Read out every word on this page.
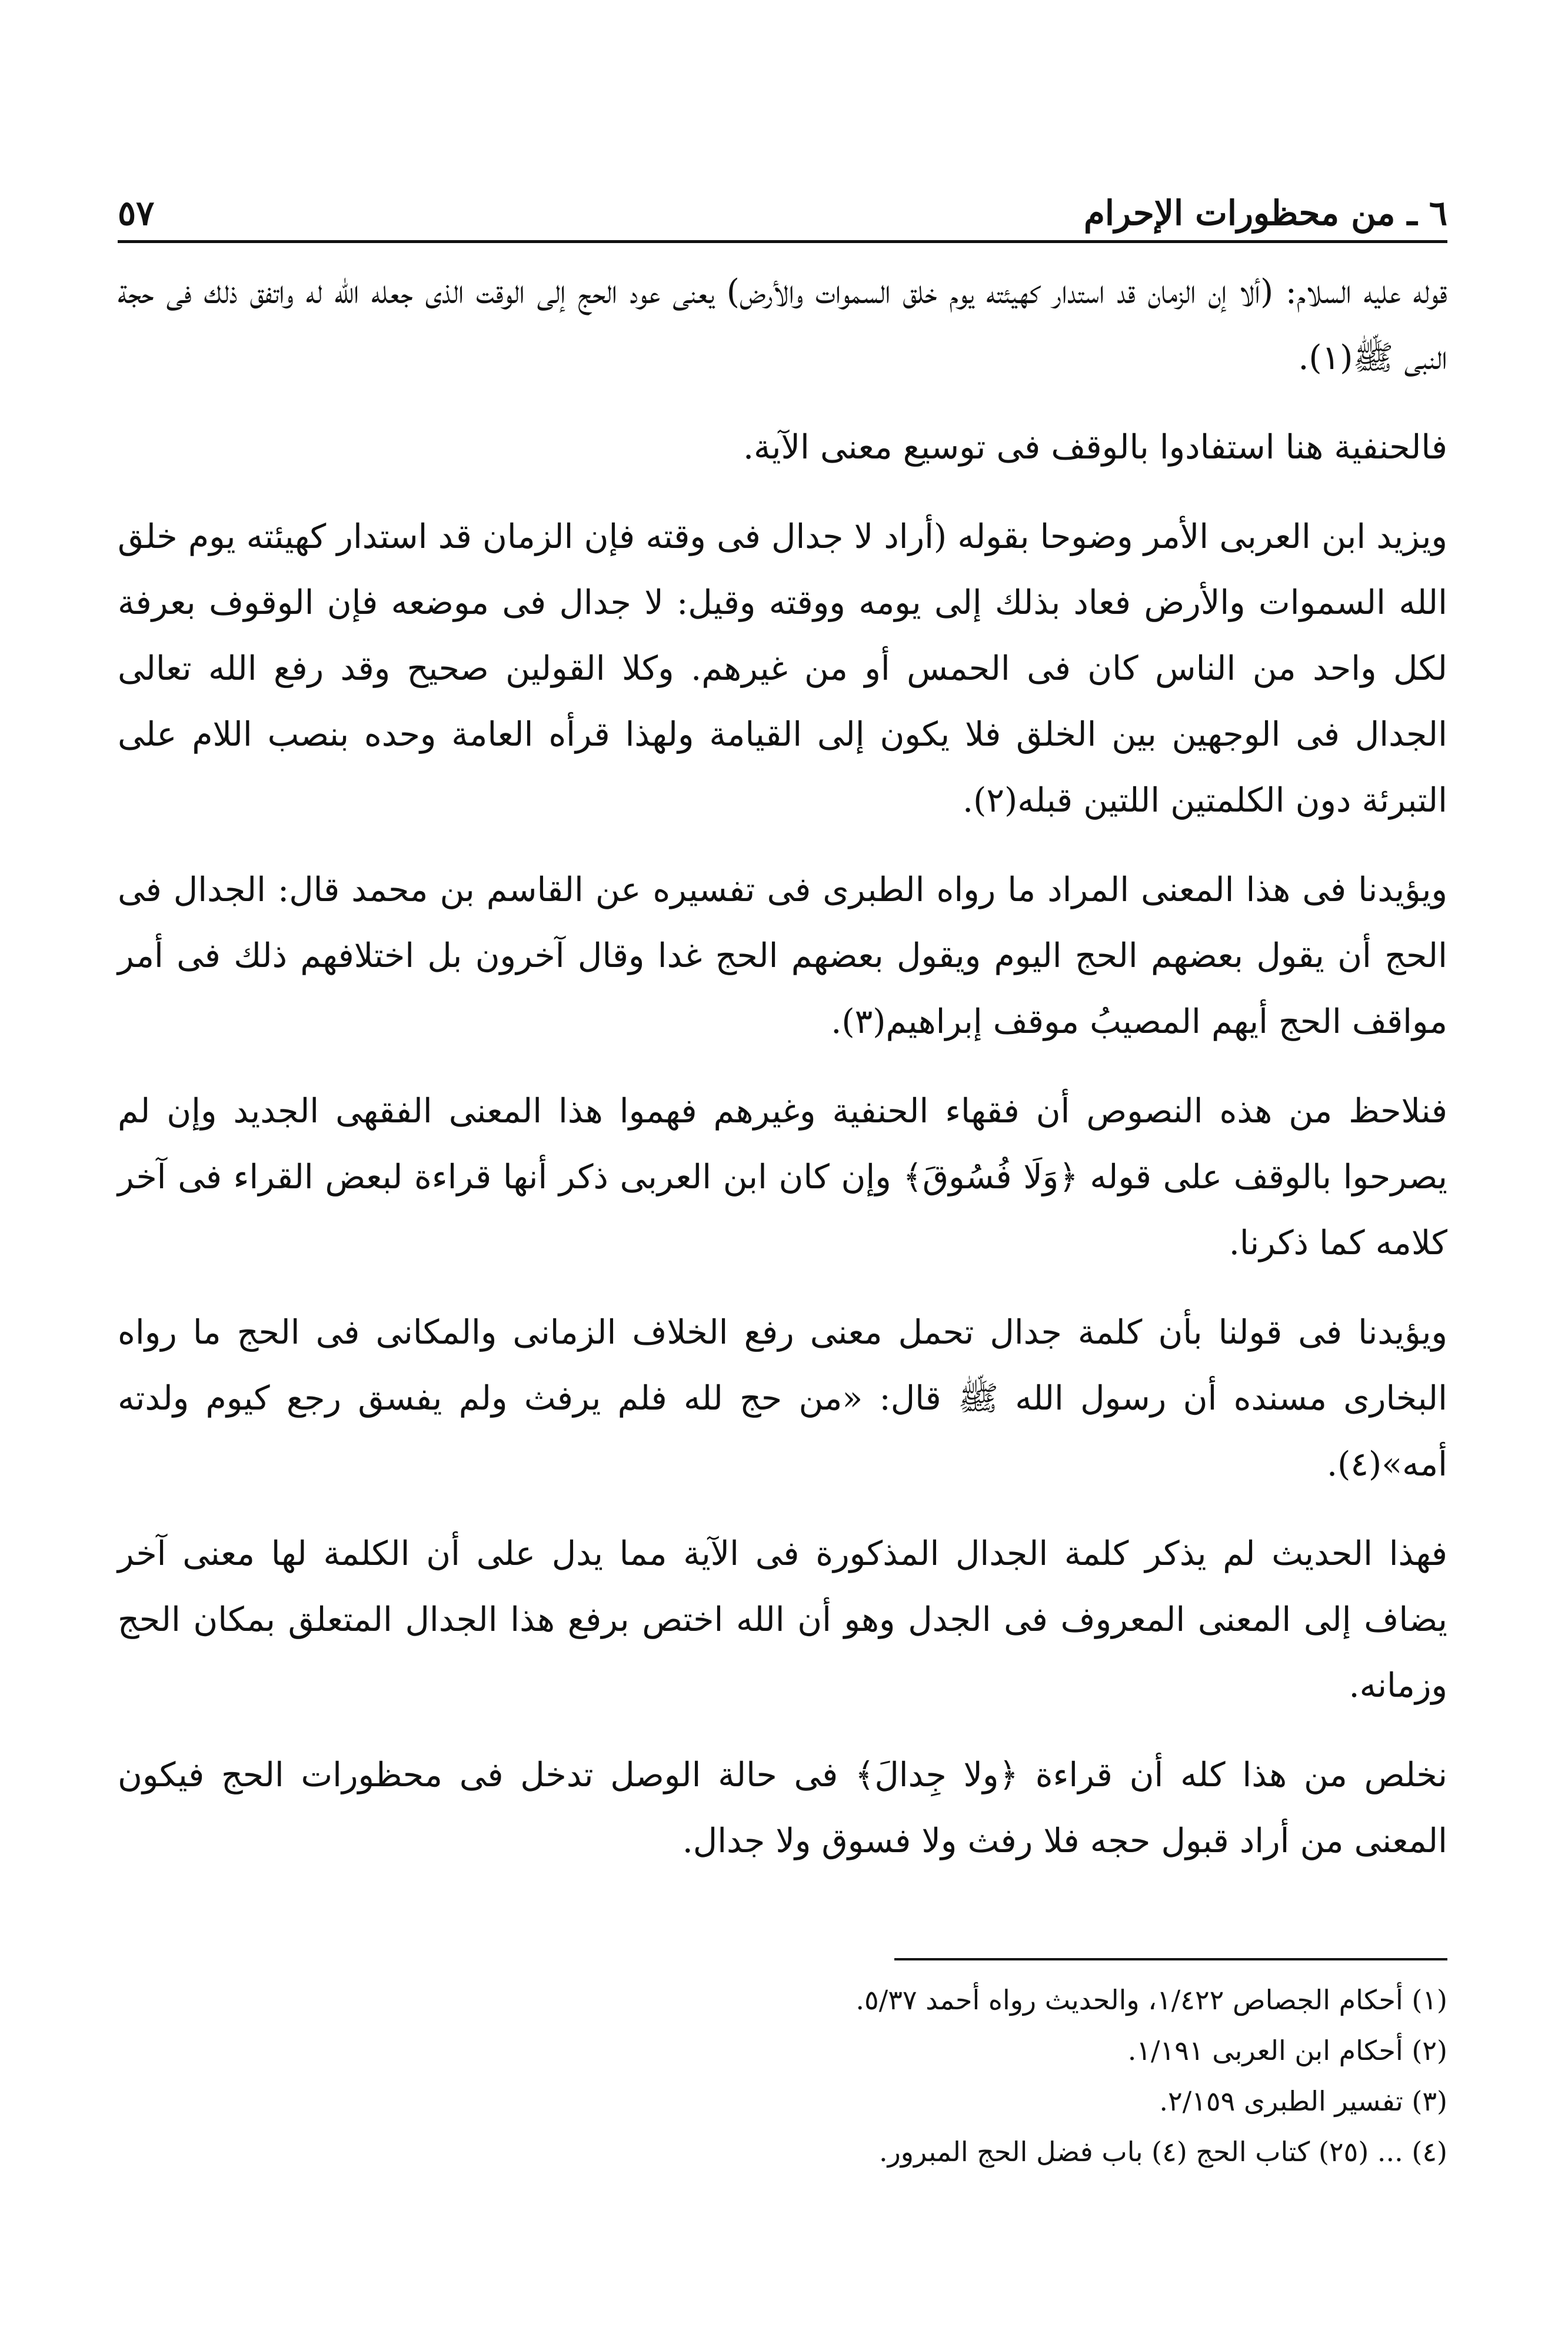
٦ ـ من محظورات الإحرام
٥٧

قوله عليه السلام: (ألا إن الزمان قد استدار كهيئته يوم خلق السموات والأرض) يعنى عود الحج إلى الوقت الذى جعله الله له واتفق ذلك فى حجة النبى ﷺ(١).

فالحنفية هنا استفادوا بالوقف فى توسيع معنى الآية.

ويزيد ابن العربى الأمر وضوحا بقوله (أراد لا جدال فى وقته فإن الزمان قد استدار كهيئته يوم خلق الله السموات والأرض فعاد بذلك إلى يومه ووقته وقيل: لا جدال فى موضعه فإن الوقوف بعرفة لكل واحد من الناس كان فى الحمس أو من غيرهم. وكلا القولين صحيح وقد رفع الله تعالى الجدال فى الوجهين بين الخلق فلا يكون إلى القيامة ولهذا قرأه العامة وحده بنصب اللام على التبرئة دون الكلمتين اللتين قبله(٢).

ويؤيدنا فى هذا المعنى المراد ما رواه الطبرى فى تفسيره عن القاسم بن محمد قال: الجدال فى الحج أن يقول بعضهم الحج اليوم ويقول بعضهم الحج غدا وقال آخرون بل اختلافهم ذلك فى أمر مواقف الحج أيهم المصيبُ موقف إبراهيم(٣).

فنلاحظ من هذه النصوص أن فقهاء الحنفية وغيرهم فهموا هذا المعنى الفقهى الجديد وإن لم يصرحوا بالوقف على قوله ﴿وَلَا فُسُوقَ﴾ وإن كان ابن العربى ذكر أنها قراءة لبعض القراء فى آخر كلامه كما ذكرنا.

ويؤيدنا فى قولنا بأن كلمة جدال تحمل معنى رفع الخلاف الزمانى والمكانى فى الحج ما رواه البخارى مسنده أن رسول الله ﷺ قال: «من حج لله فلم يرفث ولم يفسق رجع كيوم ولدته أمه»(٤).

فهذا الحديث لم يذكر كلمة الجدال المذكورة فى الآية مما يدل على أن الكلمة لها معنى آخر يضاف إلى المعنى المعروف فى الجدل وهو أن الله اختص برفع هذا الجدال المتعلق بمكان الحج وزمانه.

نخلص من هذا كله أن قراءة ﴿ولا جِدالَ﴾ فى حالة الوصل تدخل فى محظورات الحج فيكون المعنى من أراد قبول حجه فلا رفث ولا فسوق ولا جدال.

(١) أحكام الجصاص ١/٤٢٢، والحديث رواه أحمد ٥/٣٧.

(٢) أحكام ابن العربى ١/١٩١.

(٣) تفسير الطبرى ٢/١٥٩.

(٤) ... (٢٥) كتاب الحج (٤) باب فضل الحج المبرور.
